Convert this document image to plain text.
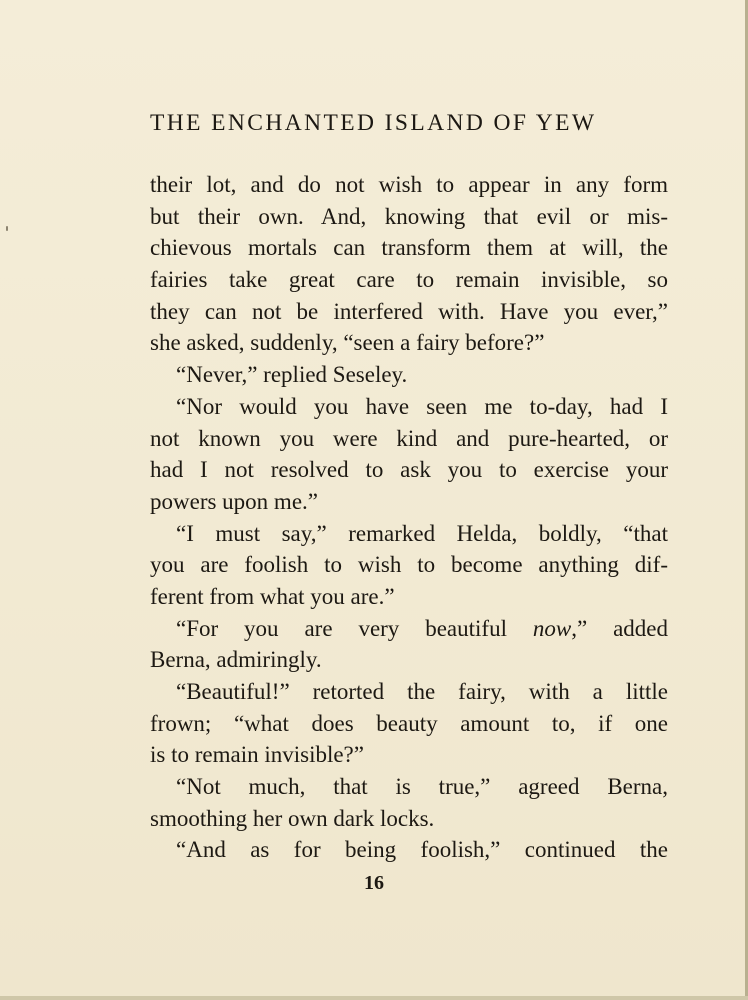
THE ENCHANTED ISLAND OF YEW
their lot, and do not wish to appear in any form
but their own. And, knowing that evil or mis-
chievous mortals can transform them at will, the
fairies take great care to remain invisible, so
they can not be interfered with. Have you ever,”
she asked, suddenly, “seen a fairy before?”
“Never,” replied Seseley.
“Nor would you have seen me to-day, had I
not known you were kind and pure-hearted, or
had I not resolved to ask you to exercise your
powers upon me.”
“I must say,” remarked Helda, boldly, “that
you are foolish to wish to become anything dif-
ferent from what you are.”
“For you are very beautiful now,” added
Berna, admiringly.
“Beautiful!” retorted the fairy, with a little
frown; “what does beauty amount to, if one
is to remain invisible?”
“Not much, that is true,” agreed Berna,
smoothing her own dark locks.
“And as for being foolish,” continued the
16
